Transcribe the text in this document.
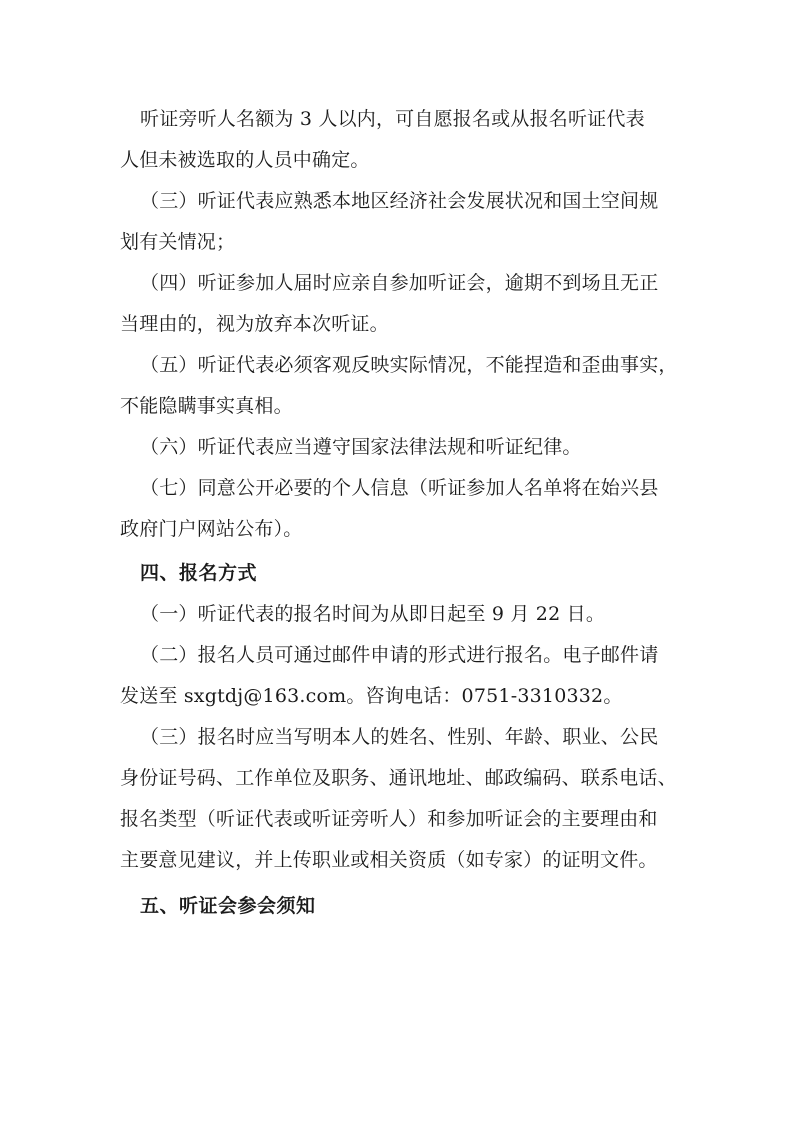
听证旁听人名额为 3 人以内，可自愿报名或从报名听证代表
人但未被选取的人员中确定。
（三）听证代表应熟悉本地区经济社会发展状况和国土空间规
划有关情况；
（四）听证参加人届时应亲自参加听证会，逾期不到场且无正
当理由的，视为放弃本次听证。
（五）听证代表必须客观反映实际情况，不能捏造和歪曲事实，
不能隐瞒事实真相。
（六）听证代表应当遵守国家法律法规和听证纪律。
（七）同意公开必要的个人信息（听证参加人名单将在始兴县
政府门户网站公布）。
四、报名方式
（一）听证代表的报名时间为从即日起至 9 月 22 日。
（二）报名人员可通过邮件申请的形式进行报名。电子邮件请
发送至 sxgtdj@163.com。咨询电话：0751-3310332。
（三）报名时应当写明本人的姓名、性别、年龄、职业、公民
身份证号码、工作单位及职务、通讯地址、邮政编码、联系电话、
报名类型（听证代表或听证旁听人）和参加听证会的主要理由和
主要意见建议，并上传职业或相关资质（如专家）的证明文件。
五、听证会参会须知
